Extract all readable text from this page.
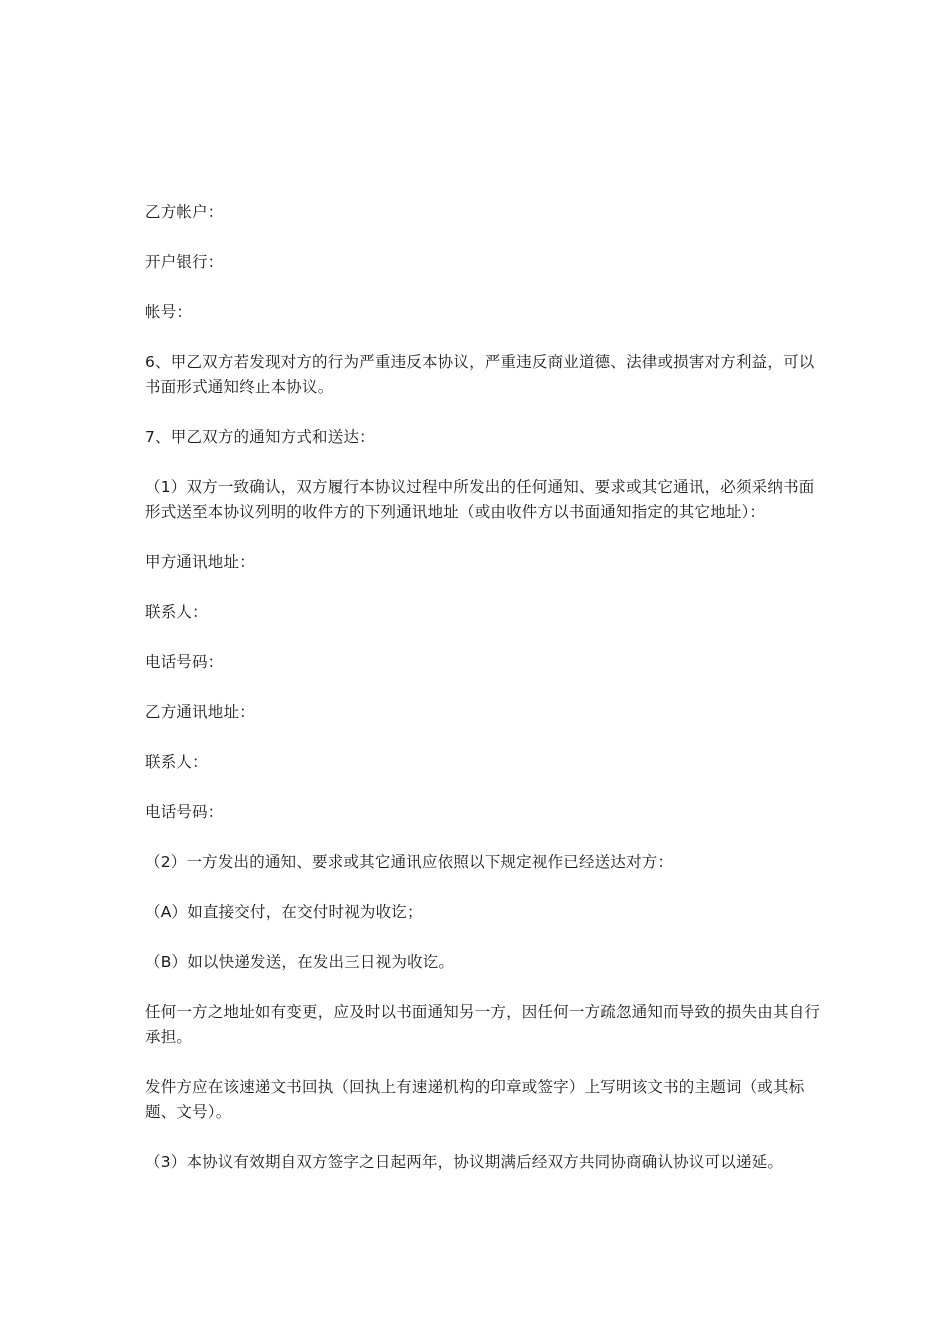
乙方帐户：

开户银行：

帐号：

6、甲乙双方若发现对方的行为严重违反本协议，严重违反商业道德、法律或损害对方利益，可以书面形式通知终止本协议。

7、甲乙双方的通知方式和送达：

（1）双方一致确认，双方履行本协议过程中所发出的任何通知、要求或其它通讯，必须采纳书面形式送至本协议列明的收件方的下列通讯地址（或由收件方以书面通知指定的其它地址）：

甲方通讯地址：

联系人：

电话号码：

乙方通讯地址：

联系人：

电话号码：

（2）一方发出的通知、要求或其它通讯应依照以下规定视作已经送达对方：

（A）如直接交付，在交付时视为收讫；

（B）如以快递发送，在发出三日视为收讫。

任何一方之地址如有变更，应及时以书面通知另一方，因任何一方疏忽通知而导致的损失由其自行承担。

发件方应在该速递文书回执（回执上有速递机构的印章或签字）上写明该文书的主题词（或其标题、文号）。

（3）本协议有效期自双方签字之日起两年，协议期满后经双方共同协商确认协议可以递延。
